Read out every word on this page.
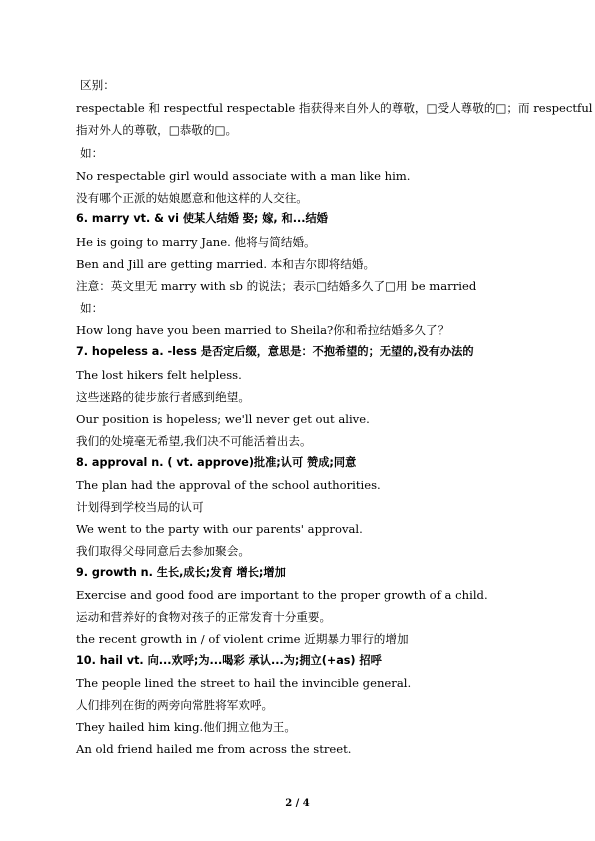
区别：
respectable 和 respectful respectable 指获得来自外人的尊敬，□受人尊敬的□；而 respectful
指对外人的尊敬，□恭敬的□。
如：
No respectable girl would associate with a man like him.
没有哪个正派的姑娘愿意和他这样的人交往。
6. marry vt. & vi 使某人结婚 娶; 嫁, 和...结婚
He is going to marry Jane. 他将与简结婚。
Ben and Jill are getting married. 本和吉尔即将结婚。
注意：英文里无 marry with sb 的说法；表示□结婚多久了□用 be married
如：
How long have you been married to Sheila?你和希拉结婚多久了？
7. hopeless a. -less 是否定后缀，意思是：不抱希望的；无望的,没有办法的
The lost hikers felt helpless.
这些迷路的徒步旅行者感到绝望。
Our position is hopeless; we'll never get out alive.
我们的处境毫无希望,我们决不可能活着出去。
8. approval n. ( vt. approve)批准;认可 赞成;同意
The plan had the approval of the school authorities.
计划得到学校当局的认可
We went to the party with our parents' approval.
我们取得父母同意后去参加聚会。
9. growth n. 生长,成长;发育 增长;增加
Exercise and good food are important to the proper growth of a child.
运动和营养好的食物对孩子的正常发育十分重要。
the recent growth in / of violent crime 近期暴力罪行的增加
10. hail vt. 向...欢呼;为...喝彩 承认...为;拥立(+as) 招呼
The people lined the street to hail the invincible general.
人们排列在街的两旁向常胜将军欢呼。
They hailed him king.他们拥立他为王。
An old friend hailed me from across the street.
2 / 4
